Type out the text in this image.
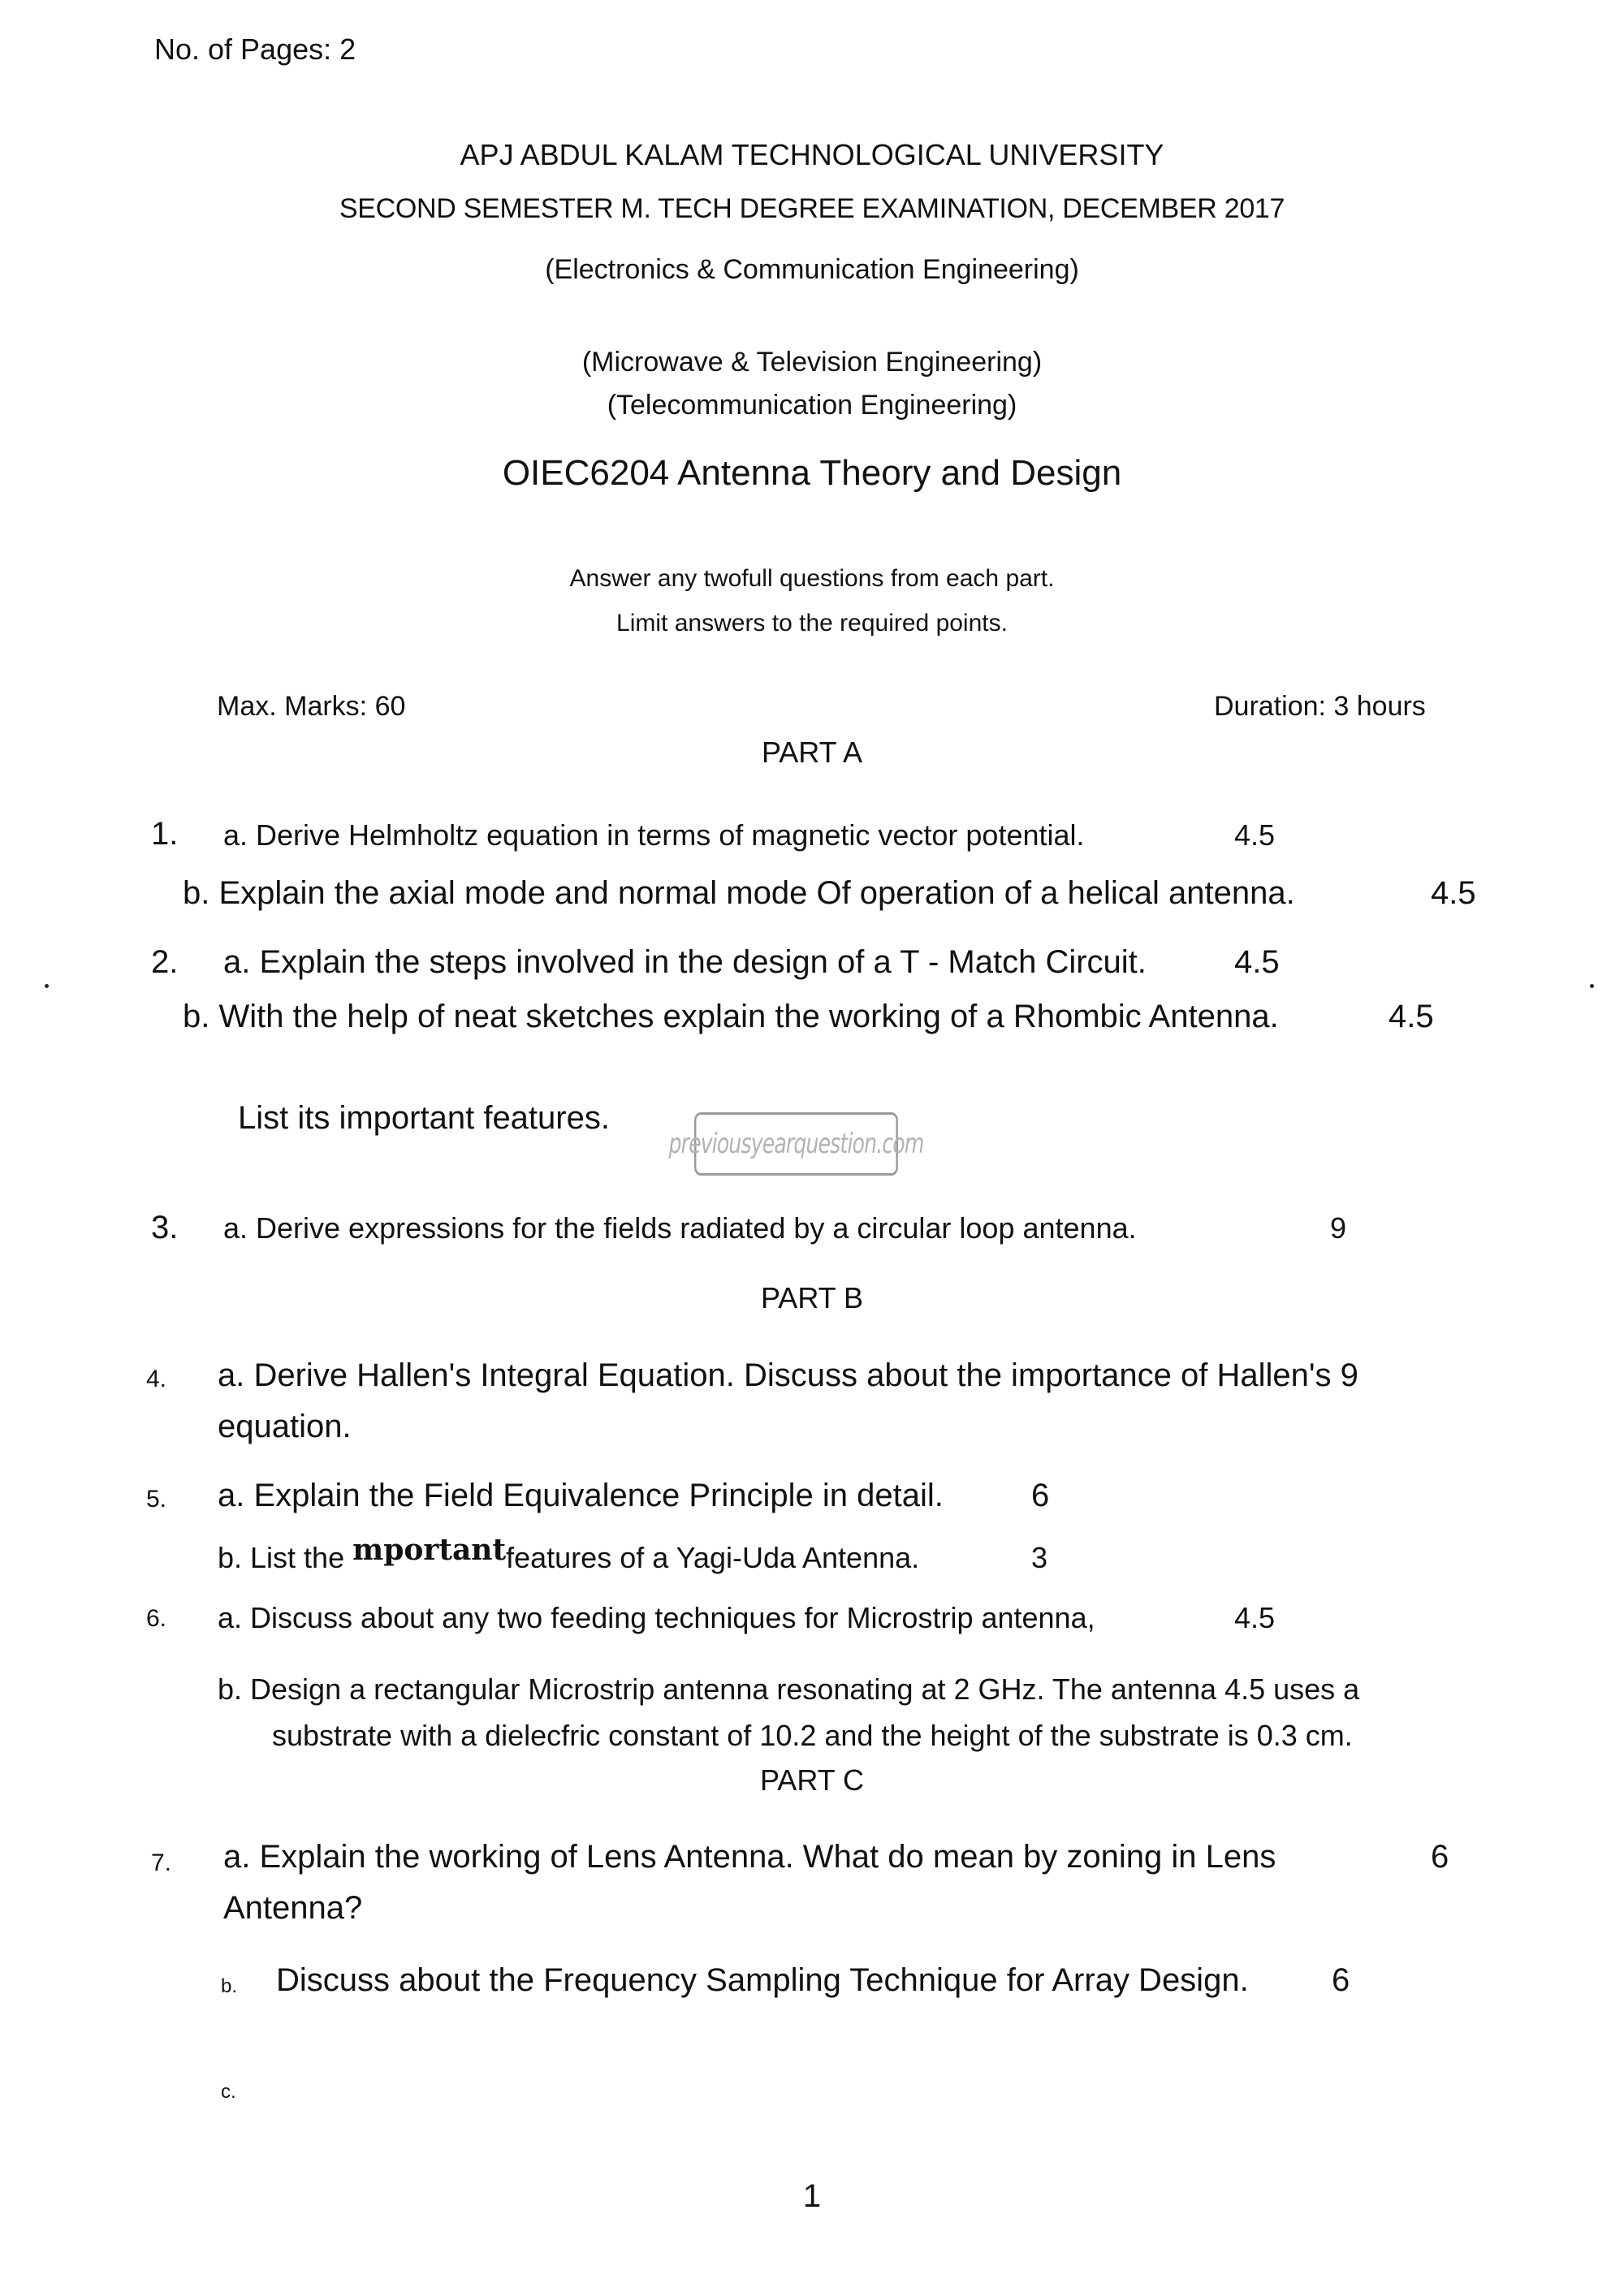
No. of Pages: 2
APJ ABDUL KALAM TECHNOLOGICAL UNIVERSITY
SECOND SEMESTER M. TECH DEGREE EXAMINATION, DECEMBER 2017
(Electronics & Communication Engineering)
(Microwave & Television Engineering)
(Telecommunication Engineering)
OIEC6204 Antenna Theory and Design
Answer any twofull questions from each part.
Limit answers to the required points.
Max. Marks: 60	Duration: 3 hours
PART A
1. a. Derive Helmholtz equation in terms of magnetic vector potential.	4.5
b. Explain the axial mode and normal mode Of operation of a helical antenna.	4.5
2. a. Explain the steps involved in the design of a T - Match Circuit.	4.5
b. With the help of neat sketches explain the working of a Rhombic Antenna.	4.5
List its important features.
previousyearquestion.com
3. a. Derive expressions for the fields radiated by a circular loop antenna.	9
PART B
4. a. Derive Hallen's Integral Equation. Discuss about the importance of Hallen's 9
equation.
5. a. Explain the Field Equivalence Principle in detail.	6
b. List the mportantfeatures of a Yagi-Uda Antenna.	3
6. a. Discuss about any two feeding techniques for Microstrip antenna,	4.5
b. Design a rectangular Microstrip antenna resonating at 2 GHz. The antenna 4.5 uses a
substrate with a dielecfric constant of 10.2 and the height of the substrate is 0.3 cm.
PART C
7. a. Explain the working of Lens Antenna. What do mean by zoning in Lens	6
Antenna?
b. Discuss about the Frequency Sampling Technique for Array Design.	6
c.
1
